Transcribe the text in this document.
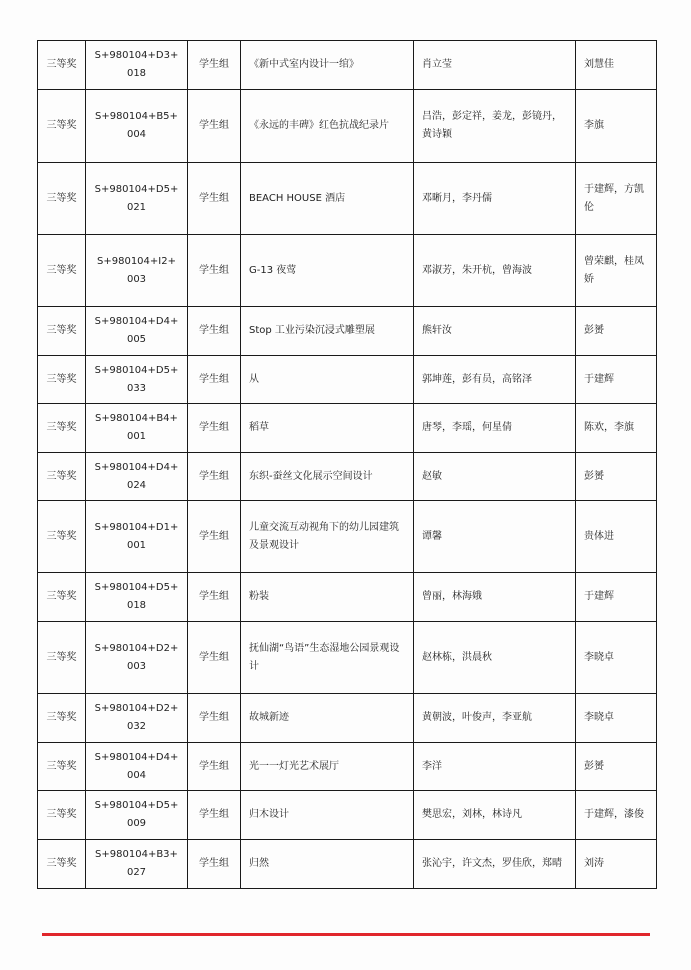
三等奖	S+980104+D3+018	学生组	《新中式室内设计一绾》	肖立莹	刘慧佳
三等奖	S+980104+B5+004	学生组	《永远的丰碑》红色抗战纪录片	吕浩，彭定祥，姜龙，彭镜丹，黄诗颖	李旗
三等奖	S+980104+D5+021	学生组	BEACH HOUSE 酒店	邓晰月，李丹儒	于建辉，方凯伦
三等奖	S+980104+I2+003	学生组	G-13 夜莺	邓淑芳，朱开杭，曾海波	曾荣麒，桂凤娇
三等奖	S+980104+D4+005	学生组	Stop 工业污染沉浸式雕塑展	熊轩汝	彭赟
三等奖	S+980104+D5+033	学生组	从	郭坤莲，彭有员，高铭泽	于建辉
三等奖	S+980104+B4+001	学生组	稻草	唐琴，李瑶，何星倩	陈欢，李旗
三等奖	S+980104+D4+024	学生组	东织-蚕丝文化展示空间设计	赵敏	彭赟
三等奖	S+980104+D1+001	学生组	儿童交流互动视角下的幼儿园建筑及景观设计	谭馨	贵体进
三等奖	S+980104+D5+018	学生组	粉装	曾丽，林海娥	于建辉
三等奖	S+980104+D2+003	学生组	抚仙湖“鸟语”生态湿地公园景观设计	赵林栋，洪晨秋	李晓卓
三等奖	S+980104+D2+032	学生组	故城新迹	黄朝波，叶俊声，李亚航	李晓卓
三等奖	S+980104+D4+004	学生组	光一一灯光艺术展厅	李洋	彭赟
三等奖	S+980104+D5+009	学生组	归木设计	樊思宏，刘林，林诗凡	于建辉，漆俊
三等奖	S+980104+B3+027	学生组	归然	张沁宇，许文杰，罗佳欣，郑晴	刘涛
